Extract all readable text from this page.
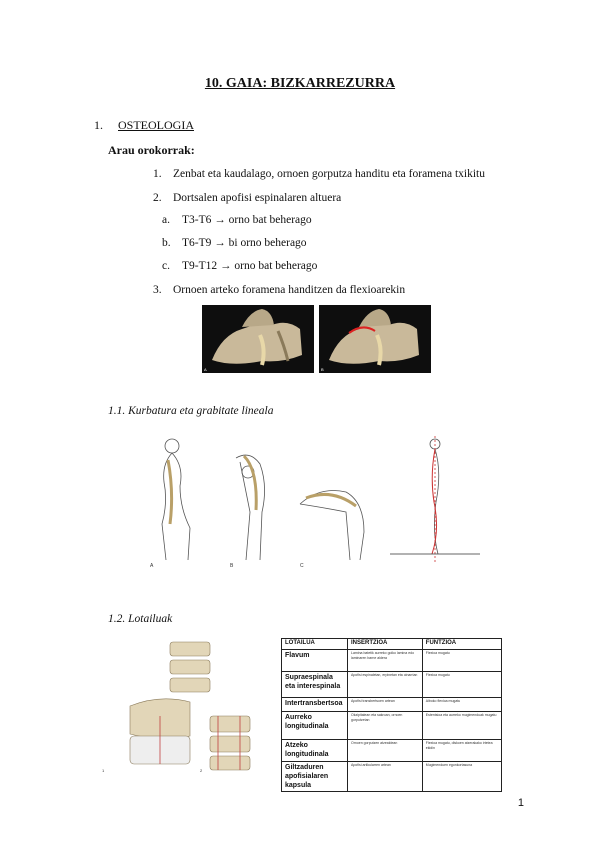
10. GAIA: BIZKARREZURRA
1. OSTEOLOGIA
Arau orokorrak:
1. Zenbat eta kaudalago, ornoen gorputza handitu eta foramena txikitu
2. Dortsalen apofisi espinalaren altuera
a. T3-T6 → orno bat beherago
b. T6-T9 → bi orno beherago
c. T9-T12 → orno bat beherago
3. Ornoen arteko foramena handitzen da flexioarekin
A	B
1.1. Kurbatura eta grabitate lineala
A	B	C
1.2. Lotailuak
1	2
LOTAILUA	INSERTZIOA	FUNTZIOA
Flavum	Lamina batetik aurreko goiko lamina edo laminaren barne aldera	Flexioa mugatu
Supraespinala eta interespinala	Apofisi espinaletan, erpinetan eta oinarrian	Flexioa mugatu
Intertransbertsoa	Apofisi transbertsoen artean	Alboko flexioa mugatu
Aurreko longitudinala	Okzipitalean eta sakroan, ornoen gorputzetan	Estentsioa eta aurreko mugimenduak mugatu
Atzeko longitudinala	Ornoen gorputzen atzealdean	Flexioa mugatu, diskoen atzerakako irtetea ekidin
Giltzaduren apofisialaren kapsula	Apofisi artikularren artean	Mugimenduen egonkortasuna
1
